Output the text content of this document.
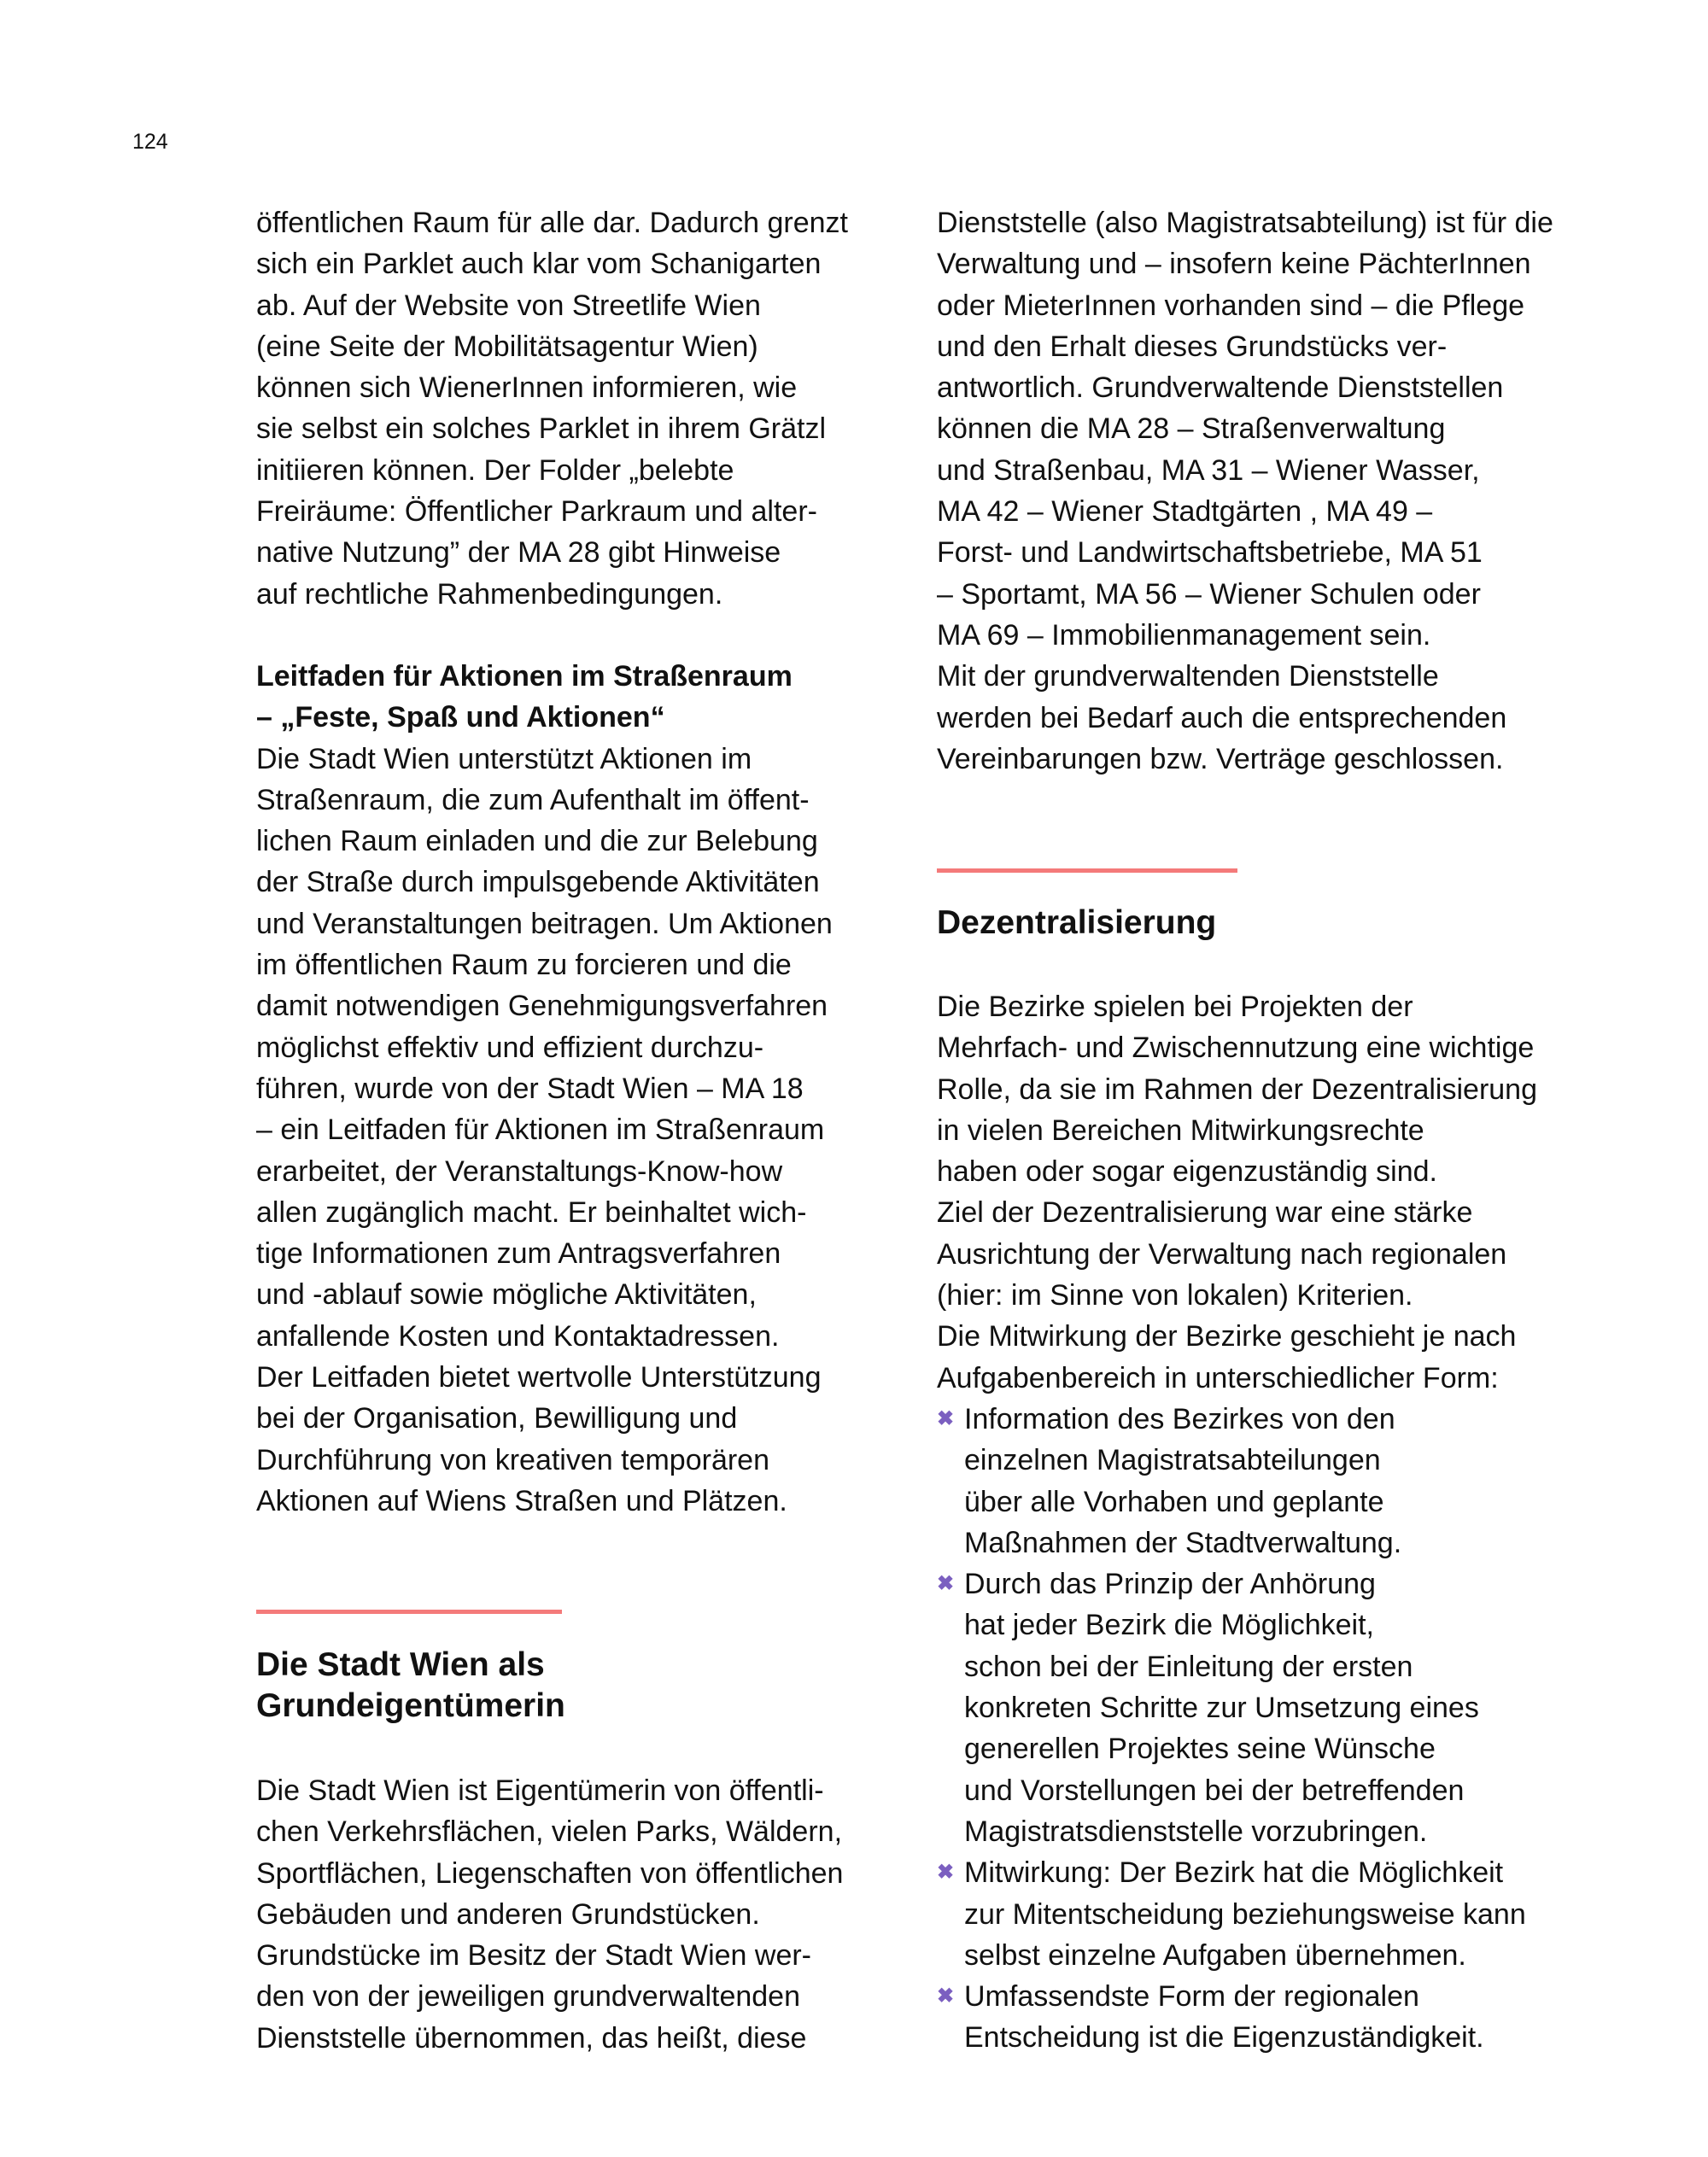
124
öffentlichen Raum für alle dar. Dadurch grenzt
sich ein Parklet auch klar vom Schanigarten
ab. Auf der Website von Streetlife Wien
(eine Seite der Mobilitätsagentur Wien)
können sich WienerInnen informieren, wie
sie selbst ein solches Parklet in ihrem Grätzl
initiieren können. Der Folder „belebte
Freiräume: Öffentlicher Parkraum und alter-
native Nutzung” der MA 28 gibt Hinweise
auf rechtliche Rahmenbedingungen.
Leitfaden für Aktionen im Straßenraum
– „Feste, Spaß und Aktionen“
Die Stadt Wien unterstützt Aktionen im
Straßenraum, die zum Aufenthalt im öffent-
lichen Raum einladen und die zur Belebung
der Straße durch impulsgebende Aktivitäten
und Veranstaltungen beitragen. Um Aktionen
im öffentlichen Raum zu forcieren und die
damit notwendigen Genehmigungsverfahren
möglichst effektiv und effizient durchzu-
führen, wurde von der Stadt Wien – MA 18
– ein Leitfaden für Aktionen im Straßenraum
erarbeitet, der Veranstaltungs-Know-how
allen zugänglich macht. Er beinhaltet wich-
tige Informationen zum Antragsverfahren
und -ablauf sowie mögliche Aktivitäten,
anfallende Kosten und Kontaktadressen.
Der Leitfaden bietet wertvolle Unterstützung
bei der Organisation, Bewilligung und
Durchführung von kreativen temporären
Aktionen auf Wiens Straßen und Plätzen.
Die Stadt Wien als
Grundeigentümerin
Die Stadt Wien ist Eigentümerin von öffentli-
chen Verkehrsflächen, vielen Parks, Wäldern,
Sportflächen, Liegenschaften von öffentlichen
Gebäuden und anderen Grundstücken.
Grundstücke im Besitz der Stadt Wien wer-
den von der jeweiligen grundverwaltenden
Dienststelle übernommen, das heißt, diese
Dienststelle (also Magistratsabteilung) ist für die
Verwaltung und – insofern keine PächterInnen
oder MieterInnen vorhanden sind – die Pflege
und den Erhalt dieses Grundstücks ver-
antwortlich. Grundverwaltende Dienststellen
können die MA 28 – Straßenverwaltung
und Straßenbau, MA 31 – Wiener Wasser,
MA 42 – Wiener Stadtgärten , MA 49 –
Forst- und Landwirtschaftsbetriebe, MA 51
– Sportamt, MA 56 – Wiener Schulen oder
MA 69 – Immobilienmanagement sein.
Mit der grundverwaltenden Dienststelle
werden bei Bedarf auch die entsprechenden
Vereinbarungen bzw. Verträge geschlossen.
Dezentralisierung
Die Bezirke spielen bei Projekten der
Mehrfach- und Zwischennutzung eine wichtige
Rolle, da sie im Rahmen der Dezentralisierung
in vielen Bereichen Mitwirkungsrechte
haben oder sogar eigenzuständig sind.
Ziel der Dezentralisierung war eine stärke
Ausrichtung der Verwaltung nach regionalen
(hier: im Sinne von lokalen) Kriterien.
Die Mitwirkung der Bezirke geschieht je nach
Aufgabenbereich in unterschiedlicher Form:
✖ Information des Bezirkes von den
einzelnen Magistratsabteilungen
über alle Vorhaben und geplante
Maßnahmen der Stadtverwaltung.
✖ Durch das Prinzip der Anhörung
hat jeder Bezirk die Möglichkeit,
schon bei der Einleitung der ersten
konkreten Schritte zur Umsetzung eines
generellen Projektes seine Wünsche
und Vorstellungen bei der betreffenden
Magistratsdienststelle vorzubringen.
✖ Mitwirkung: Der Bezirk hat die Möglichkeit
zur Mitentscheidung beziehungsweise kann
selbst einzelne Aufgaben übernehmen.
✖ Umfassendste Form der regionalen
Entscheidung ist die Eigenzuständigkeit.
